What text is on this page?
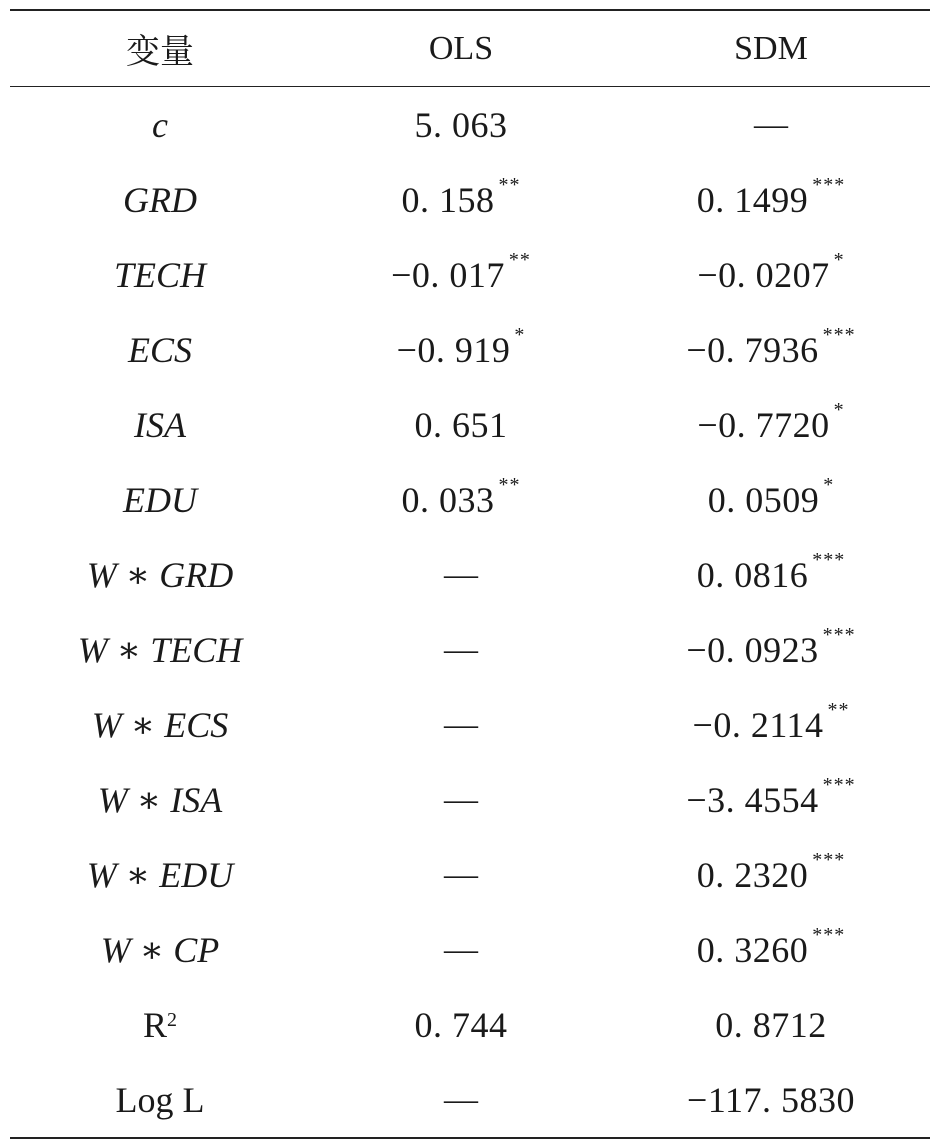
变量	OLS	SDM
c	5. 063	—
GRD	0. 158 **	0. 1499 ***
TECH	−0. 017 **	−0. 0207 *
ECS	−0. 919 *	−0. 7936 ***
ISA	0. 651	−0. 7720 *
EDU	0. 033 **	0. 0509 *
W ∗ GRD	—	0. 0816 ***
W ∗ TECH	—	−0. 0923 ***
W ∗ ECS	—	−0. 2114 **
W ∗ ISA	—	−3. 4554 ***
W ∗ EDU	—	0. 2320 ***
W ∗ CP	—	0. 3260 ***
$R^2$	0. 744	0. 8712
Log L	—	−117. 5830
